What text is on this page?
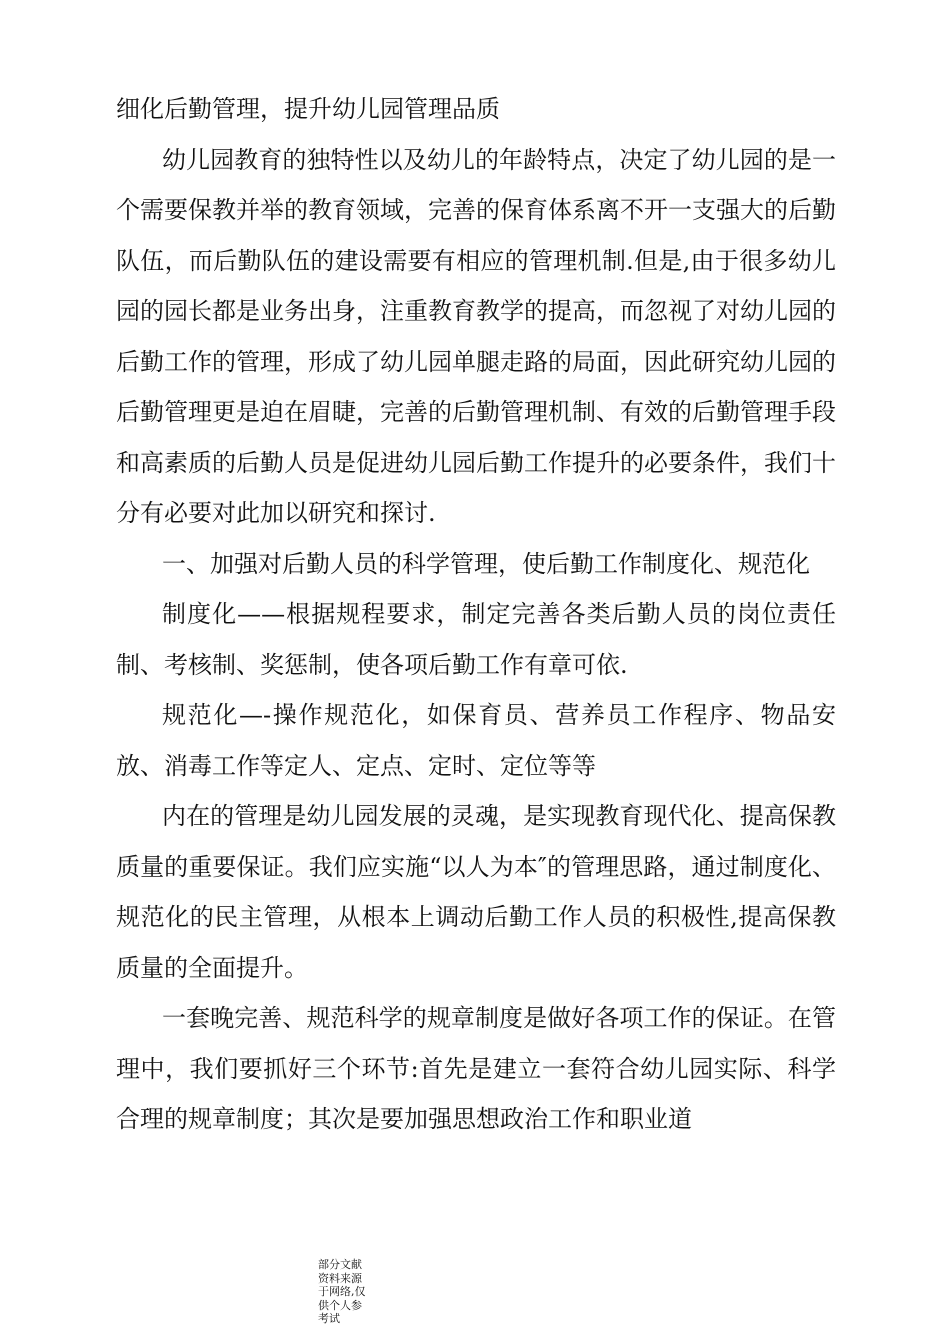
细化后勤管理，提升幼儿园管理品质

幼儿园教育的独特性以及幼儿的年龄特点，决定了幼儿园的是一个需要保教并举的教育领域，完善的保育体系离不开一支强大的后勤队伍，而后勤队伍的建设需要有相应的管理机制.但是,由于很多幼儿园的园长都是业务出身，注重教育教学的提高，而忽视了对幼儿园的后勤工作的管理，形成了幼儿园单腿走路的局面，因此研究幼儿园的后勤管理更是迫在眉睫，完善的后勤管理机制、有效的后勤管理手段和高素质的后勤人员是促进幼儿园后勤工作提升的必要条件，我们十分有必要对此加以研究和探讨.

一、加强对后勤人员的科学管理，使后勤工作制度化、规范化

制度化——根据规程要求，制定完善各类后勤人员的岗位责任制、考核制、奖惩制，使各项后勤工作有章可依.

规范化—-操作规范化，如保育员、营养员工作程序、物品安放、消毒工作等定人、定点、定时、定位等等

内在的管理是幼儿园发展的灵魂，是实现教育现代化、提高保教质量的重要保证。我们应实施“以人为本″的管理思路，通过制度化、规范化的民主管理，从根本上调动后勤工作人员的积极性,提高保教质量的全面提升。

一套晚完善、规范科学的规章制度是做好各项工作的保证。在管理中，我们要抓好三个环节:首先是建立一套符合幼儿园实际、科学合理的规章制度；其次是要加强思想政治工作和职业道

部分文献资料来源于网络,仅供个人参考试
